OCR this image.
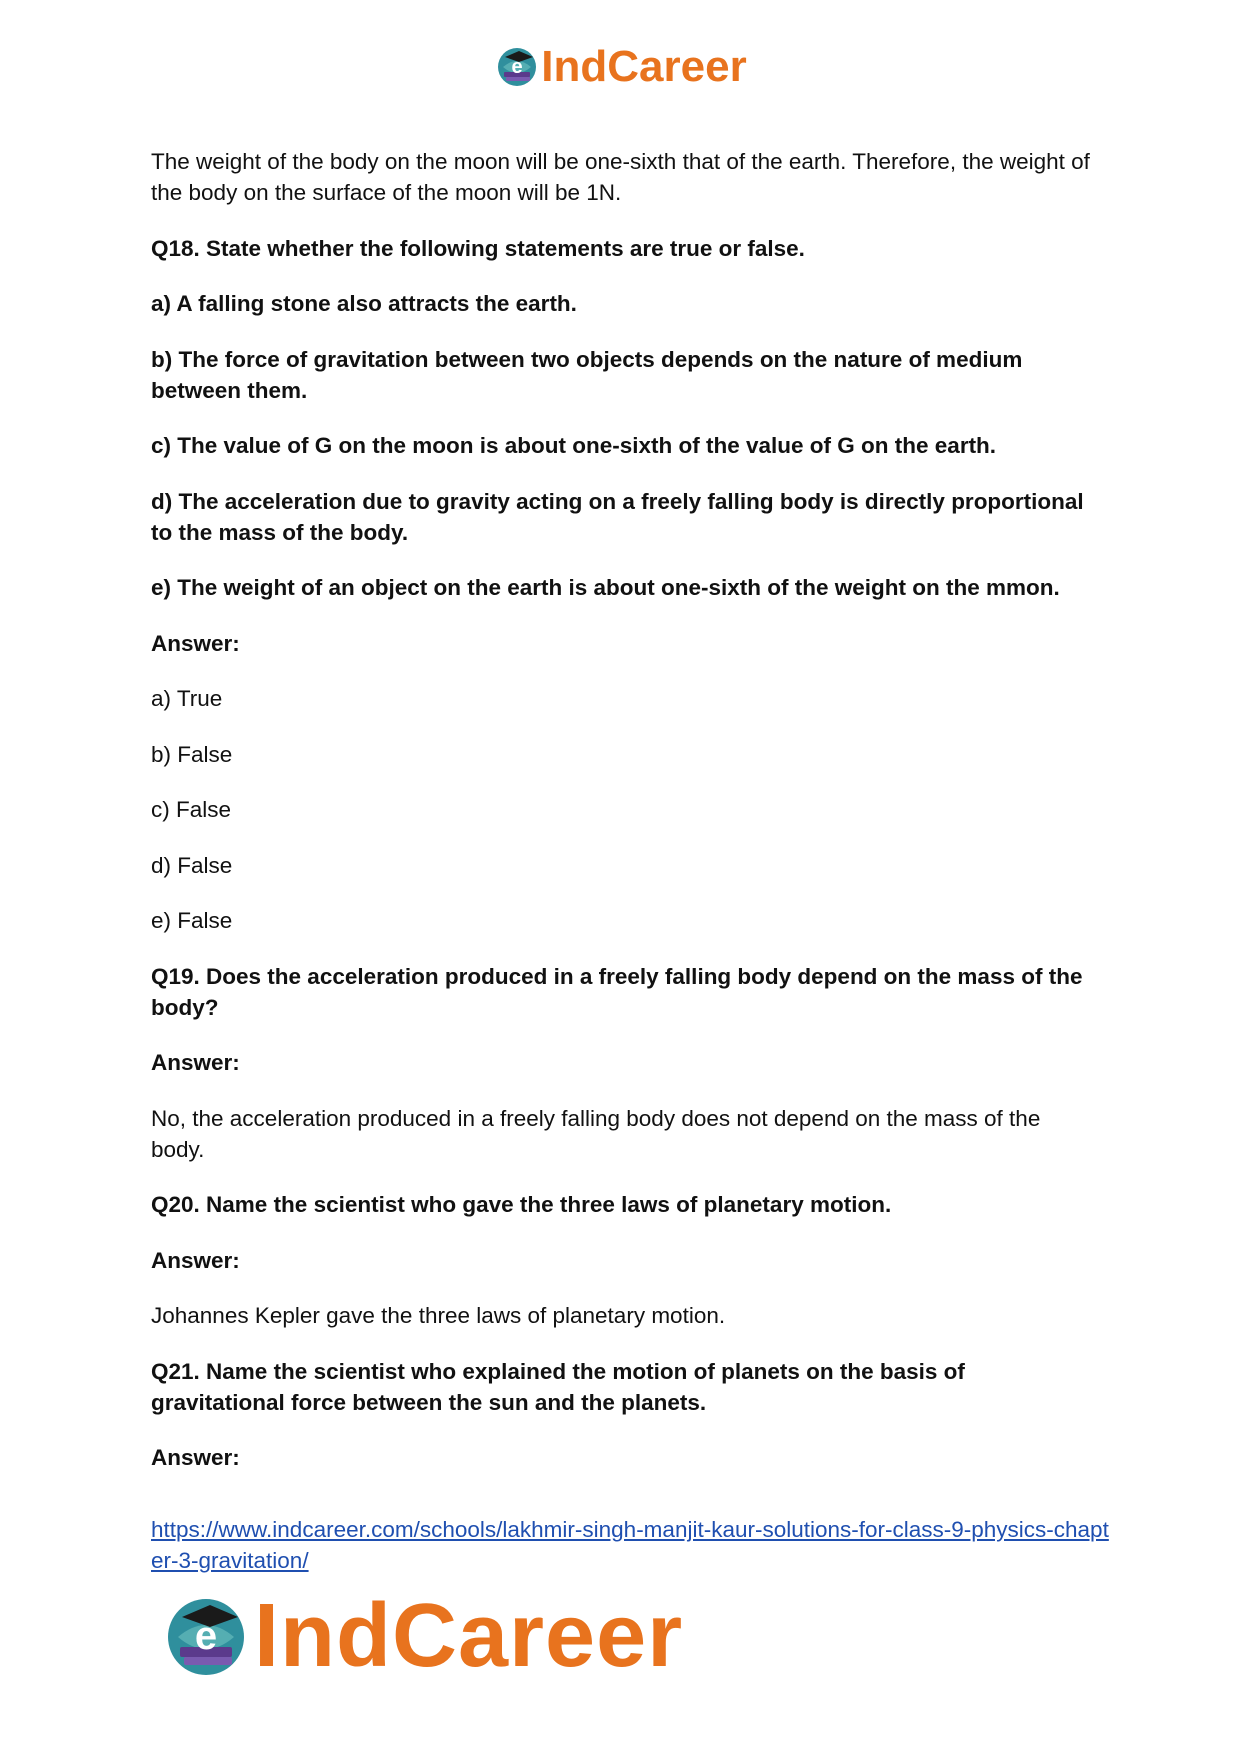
e IndCareer

The weight of the body on the moon will be one-sixth that of the earth. Therefore, the weight of the body on the surface of the moon will be 1N.

Q18. State whether the following statements are true or false.

a) A falling stone also attracts the earth.

b) The force of gravitation between two objects depends on the nature of medium between them.

c) The value of G on the moon is about one-sixth of the value of G on the earth.

d) The acceleration due to gravity acting on a freely falling body is directly proportional to the mass of the body.

e) The weight of an object on the earth is about one-sixth of the weight on the mmon.

Answer:

a) True

b) False

c) False

d) False

e) False

Q19. Does the acceleration produced in a freely falling body depend on the mass of the body?

Answer:

No, the acceleration produced in a freely falling body does not depend on the mass of the body.

Q20. Name the scientist who gave the three laws of planetary motion.

Answer:

Johannes Kepler gave the three laws of planetary motion.

Q21. Name the scientist who explained the motion of planets on the basis of gravitational force between the sun and the planets.

Answer:

https://www.indcareer.com/schools/lakhmir-singh-manjit-kaur-solutions-for-class-9-physics-chapter-3-gravitation/
e IndCareer
